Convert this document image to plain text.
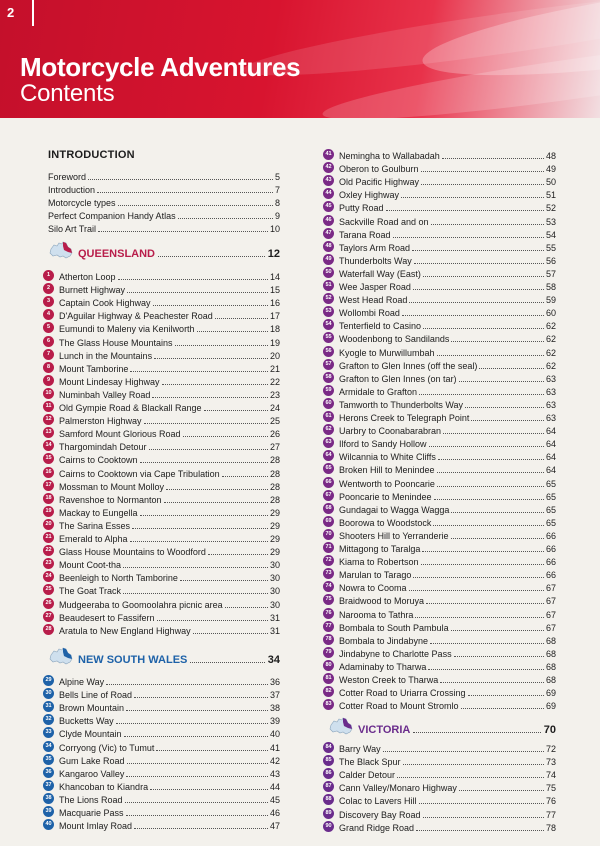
2
Motorcycle Adventures
Contents
INTRODUCTION
Foreword	5
Introduction	7
Motorcycle types	8
Perfect Companion Handy Atlas	9
Silo Art Trail	10
QUEENSLAND	12
1 Atherton Loop	14
2 Burnett Highway	15
3 Captain Cook Highway	16
4 D'Aguilar Highway & Peachester Road	17
5 Eumundi to Maleny via Kenilworth	18
6 The Glass House Mountains	19
7 Lunch in the Mountains	20
8 Mount Tamborine	21
9 Mount Lindesay Highway	22
10 Numinbah Valley Road	23
11 Old Gympie Road & Blackall Range	24
12 Palmerston Highway	25
13 Samford Mount Glorious Road	26
14 Thargomindah Detour	27
15 Cairns to Cooktown	28
16 Cairns to Cooktown via Cape Tribulation	28
17 Mossman to Mount Molloy	28
18 Ravenshoe to Normanton	28
19 Mackay to Eungella	29
20 The Sarina Esses	29
21 Emerald to Alpha	29
22 Glass House Mountains to Woodford	29
23 Mount Coot-tha	30
24 Beenleigh to North Tamborine	30
25 The Goat Track	30
26 Mudgeeraba to Goomoolahra picnic area	30
27 Beaudesert to Fassifern	31
28 Aratula to New England Highway	31
NEW SOUTH WALES	34
29 Alpine Way	36
30 Bells Line of Road	37
31 Brown Mountain	38
32 Bucketts Way	39
33 Clyde Mountain	40
34 Corryong (Vic) to Tumut	41
35 Gum Lake Road	42
36 Kangaroo Valley	43
37 Khancoban to Kiandra	44
38 The Lions Road	45
39 Macquarie Pass	46
40 Mount Imlay Road	47
41 Nemingha to Wallabadah	48
42 Oberon to Goulburn	49
43 Old Pacific Highway	50
44 Oxley Highway	51
45 Putty Road	52
46 Sackville Road and on	53
47 Tarana Road	54
48 Taylors Arm Road	55
49 Thunderbolts Way	56
50 Waterfall Way (East)	57
51 Wee Jasper Road	58
52 West Head Road	59
53 Wollombi Road	60
54 Tenterfield to Casino	62
55 Woodenbong to Sandilands	62
56 Kyogle to Murwillumbah	62
57 Grafton to Glen Innes (off the seal)	62
58 Grafton to Glen Innes (on tar)	63
59 Armidale to Grafton	63
60 Tamworth to Thunderbolts Way	63
61 Herons Creek to Telegraph Point	63
62 Uarbry to Coonabarabran	64
63 Ilford to Sandy Hollow	64
64 Wilcannia to White Cliffs	64
65 Broken Hill to Menindee	64
66 Wentworth to Pooncarie	65
67 Pooncarie to Menindee	65
68 Gundagai to Wagga Wagga	65
69 Boorowa to Woodstock	65
70 Shooters Hill to Yerranderie	66
71 Mittagong to Taralga	66
72 Kiama to Robertson	66
73 Marulan to Tarago	66
74 Nowra to Cooma	67
75 Braidwood to Moruya	67
76 Narooma to Tathra	67
77 Bombala to South Pambula	67
78 Bombala to Jindabyne	68
79 Jindabyne to Charlotte Pass	68
80 Adaminaby to Tharwa	68
81 Weston Creek to Tharwa	68
82 Cotter Road to Uriarra Crossing	69
83 Cotter Road to Mount Stromlo	69
VICTORIA	70
84 Barry Way	72
85 The Black Spur	73
86 Calder Detour	74
87 Cann Valley/Monaro Highway	75
88 Colac to Lavers Hill	76
89 Discovery Bay Road	77
90 Grand Ridge Road	78
